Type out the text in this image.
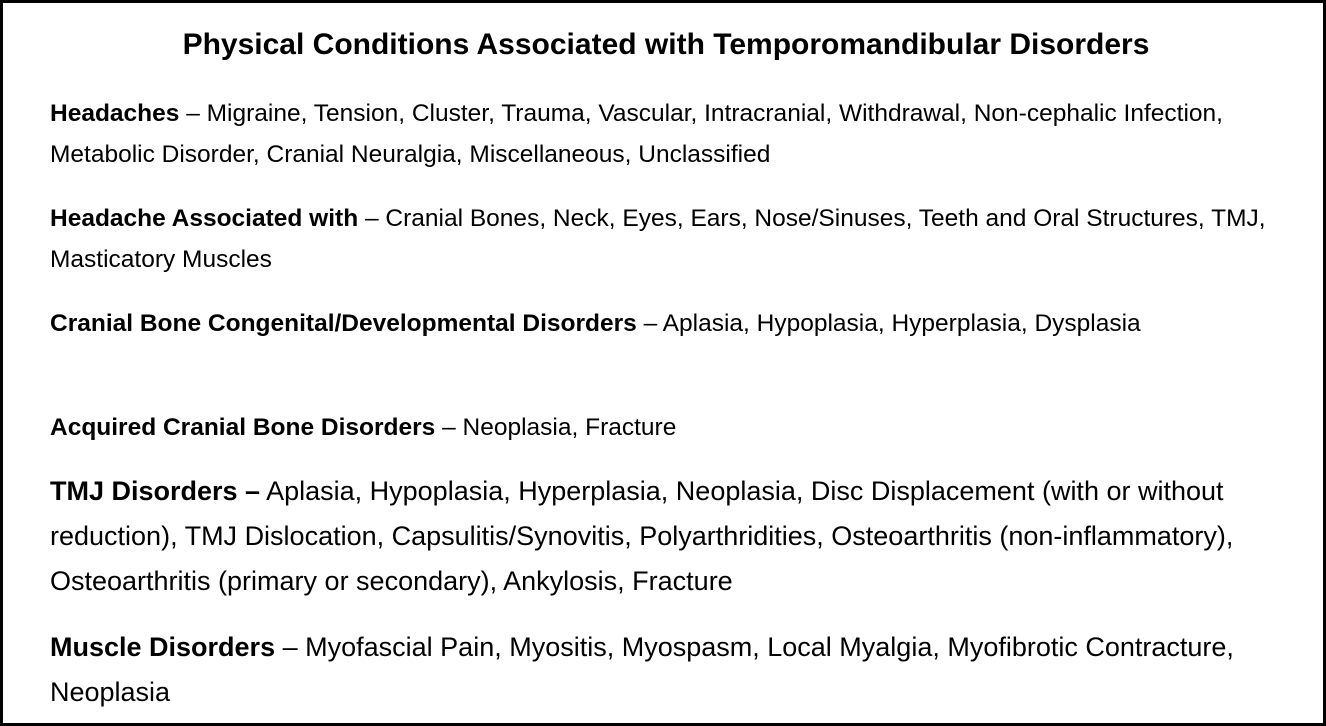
Physical Conditions Associated with Temporomandibular Disorders
Headaches – Migraine, Tension, Cluster, Trauma, Vascular, Intracranial, Withdrawal, Non-cephalic Infection, Metabolic Disorder, Cranial Neuralgia, Miscellaneous, Unclassified
Headache Associated with – Cranial Bones, Neck, Eyes, Ears, Nose/Sinuses, Teeth and Oral Structures, TMJ, Masticatory Muscles
Cranial Bone Congenital/Developmental Disorders – Aplasia, Hypoplasia, Hyperplasia, Dysplasia
Acquired Cranial Bone Disorders – Neoplasia, Fracture
TMJ Disorders – Aplasia, Hypoplasia, Hyperplasia, Neoplasia, Disc Displacement (with or without reduction), TMJ Dislocation, Capsulitis/Synovitis, Polyarthridities, Osteoarthritis (non-inflammatory), Osteoarthritis (primary or secondary), Ankylosis, Fracture
Muscle Disorders – Myofascial Pain, Myositis, Myospasm, Local Myalgia, Myofibrotic Contracture, Neoplasia
